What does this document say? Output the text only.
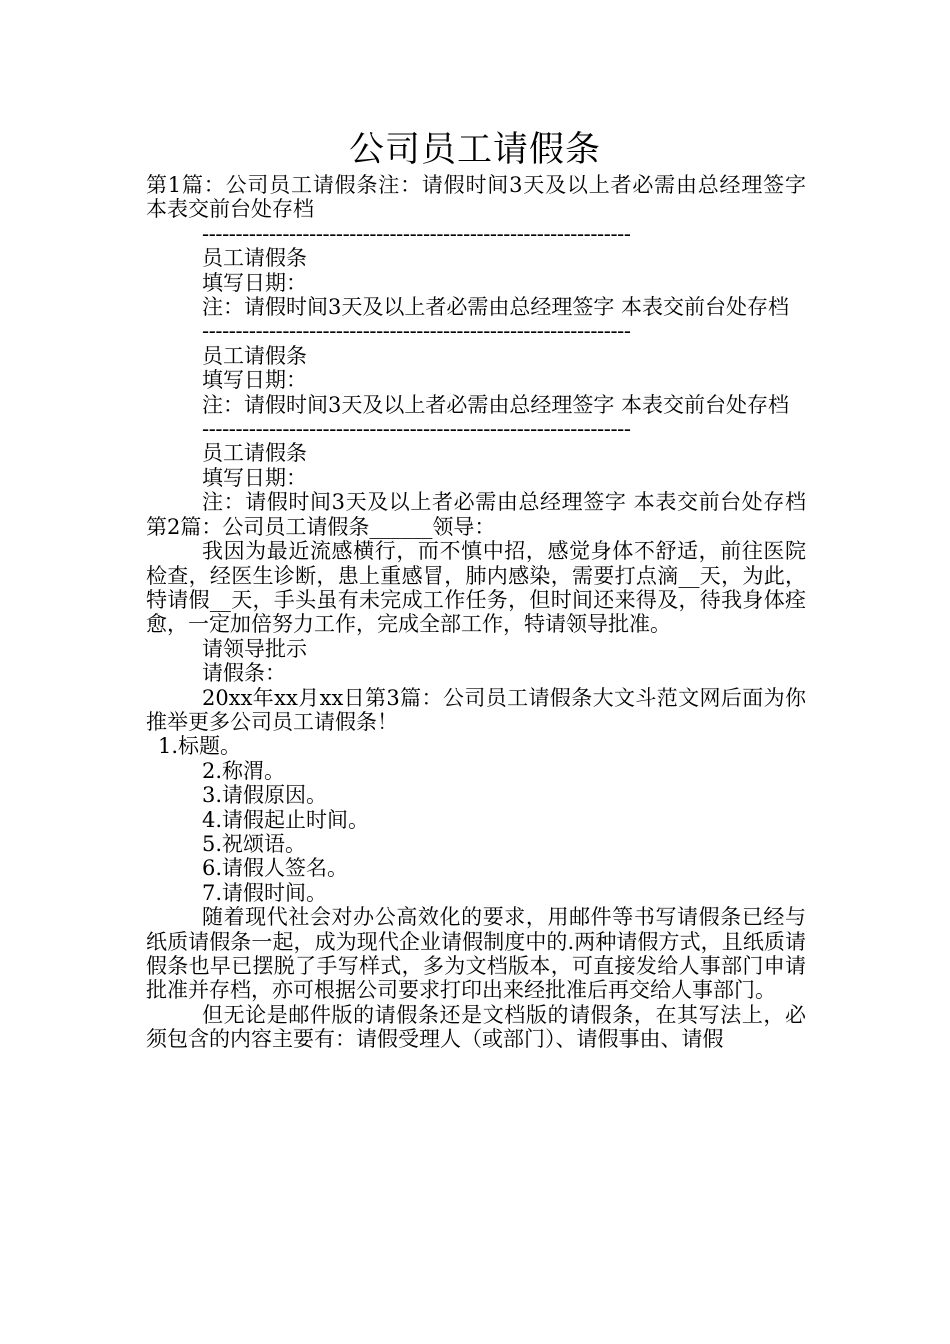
公司员工请假条

第1篇：公司员工请假条注：请假时间3天及以上者必需由总经理签字 本表交前台处存档

----------------------------------------------------------------

员工请假条

填写日期：

注：请假时间3天及以上者必需由总经理签字 本表交前台处存档

----------------------------------------------------------------

员工请假条

填写日期：

注：请假时间3天及以上者必需由总经理签字 本表交前台处存档

----------------------------------------------------------------

员工请假条

填写日期：

注：请假时间3天及以上者必需由总经理签字 本表交前台处存档第2篇：公司员工请假条______领导：

我因为最近流感横行，而不慎中招，感觉身体不舒适，前往医院检查，经医生诊断，患上重感冒，肺内感染，需要打点滴__天，为此，特请假__天，手头虽有未完成工作任务，但时间还来得及，待我身体痊愈，一定加倍努力工作，完成全部工作，特请领导批准。

请领导批示

请假条：

20xx年xx月xx日第3篇：公司员工请假条大文斗范文网后面为你推举更多公司员工请假条！

1.标题。

2.称渭。

3.请假原因。

4.请假起止时间。

5.祝颂语。

6.请假人签名。

7.请假时间。

随着现代社会对办公高效化的要求，用邮件等书写请假条已经与纸质请假条一起，成为现代企业请假制度中的.两种请假方式，且纸质请假条也早已摆脱了手写样式，多为文档版本，可直接发给人事部门申请批准并存档，亦可根据公司要求打印出来经批准后再交给人事部门。

但无论是邮件版的请假条还是文档版的请假条，在其写法上，必须包含的内容主要有：请假受理人（或部门）、请假事由、请假
